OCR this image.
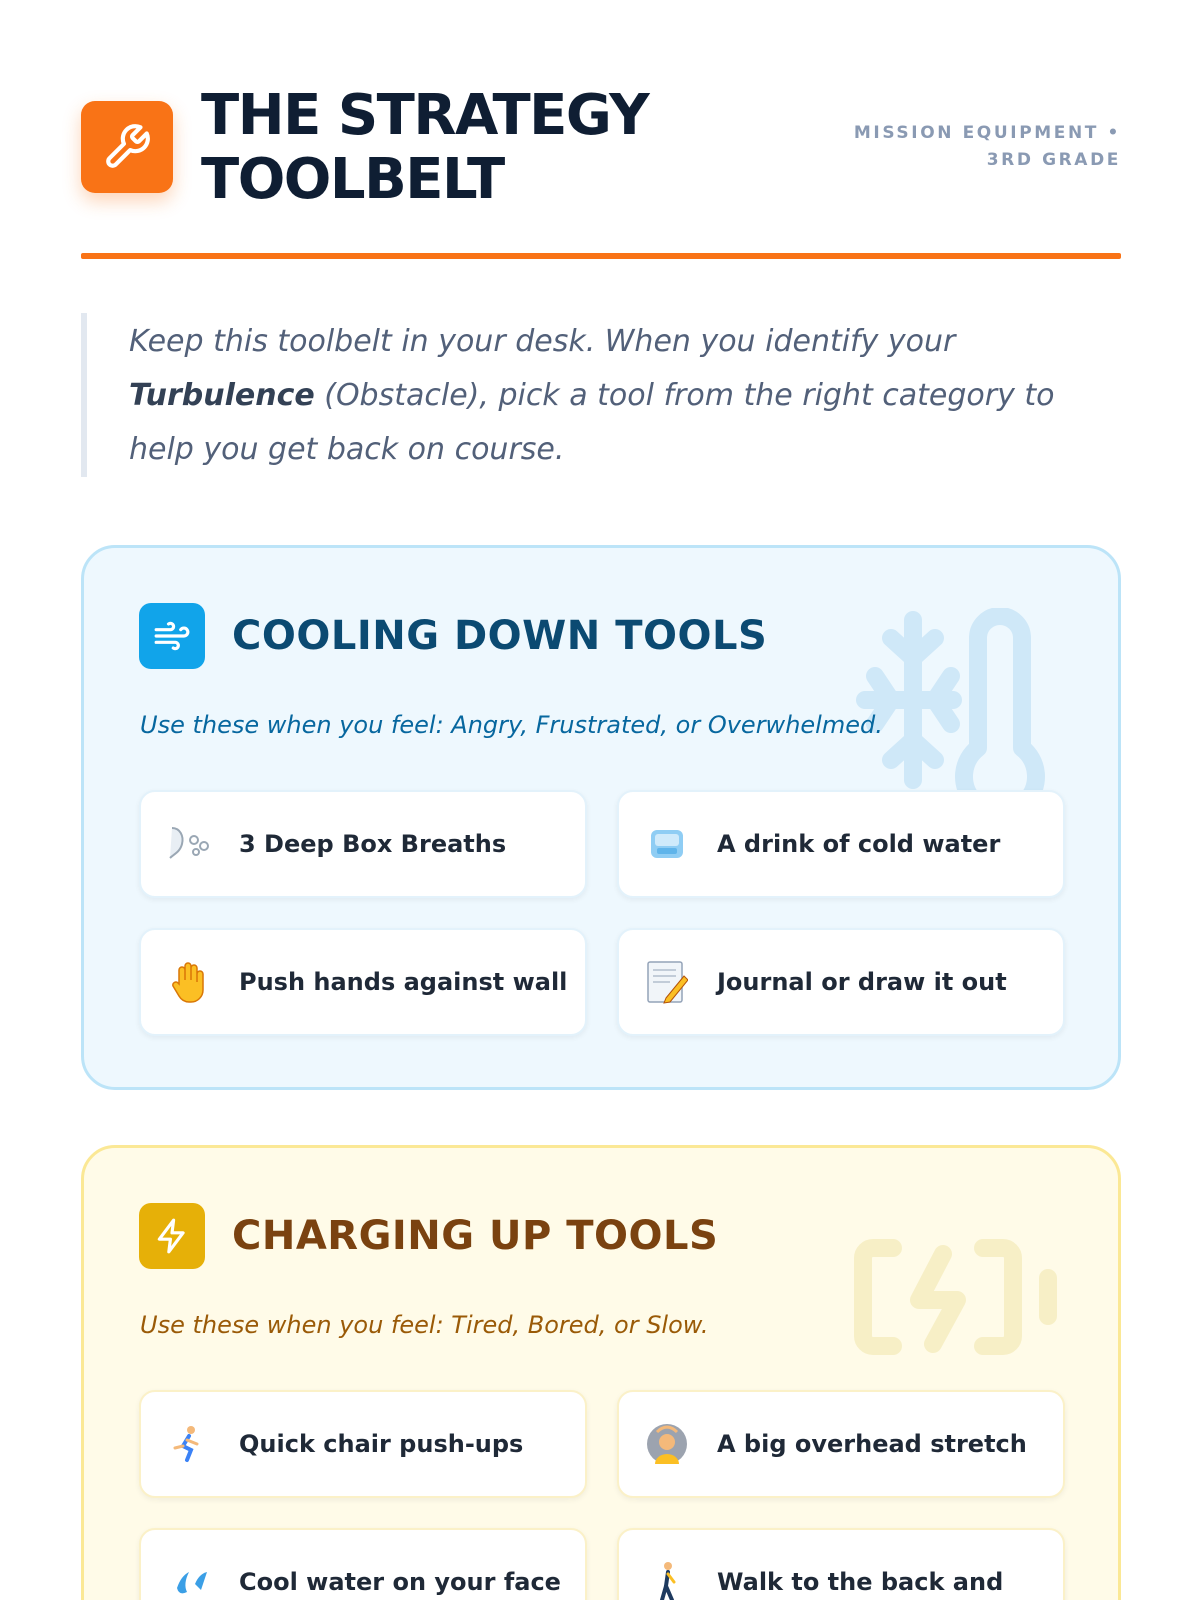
THE STRATEGY TOOLBELT
MISSION EQUIPMENT •
3RD GRADE
Keep this toolbelt in your desk. When you identify your Turbulence (Obstacle), pick a tool from the right category to help you get back on course.
COOLING DOWN TOOLS
Use these when you feel: Angry, Frustrated, or Overwhelmed.
3 Deep Box Breaths	A drink of cold water
Push hands against wall	Journal or draw it out
CHARGING UP TOOLS
Use these when you feel: Tired, Bored, or Slow.
Quick chair push-ups	A big overhead stretch
Cool water on your face	Walk to the back and
